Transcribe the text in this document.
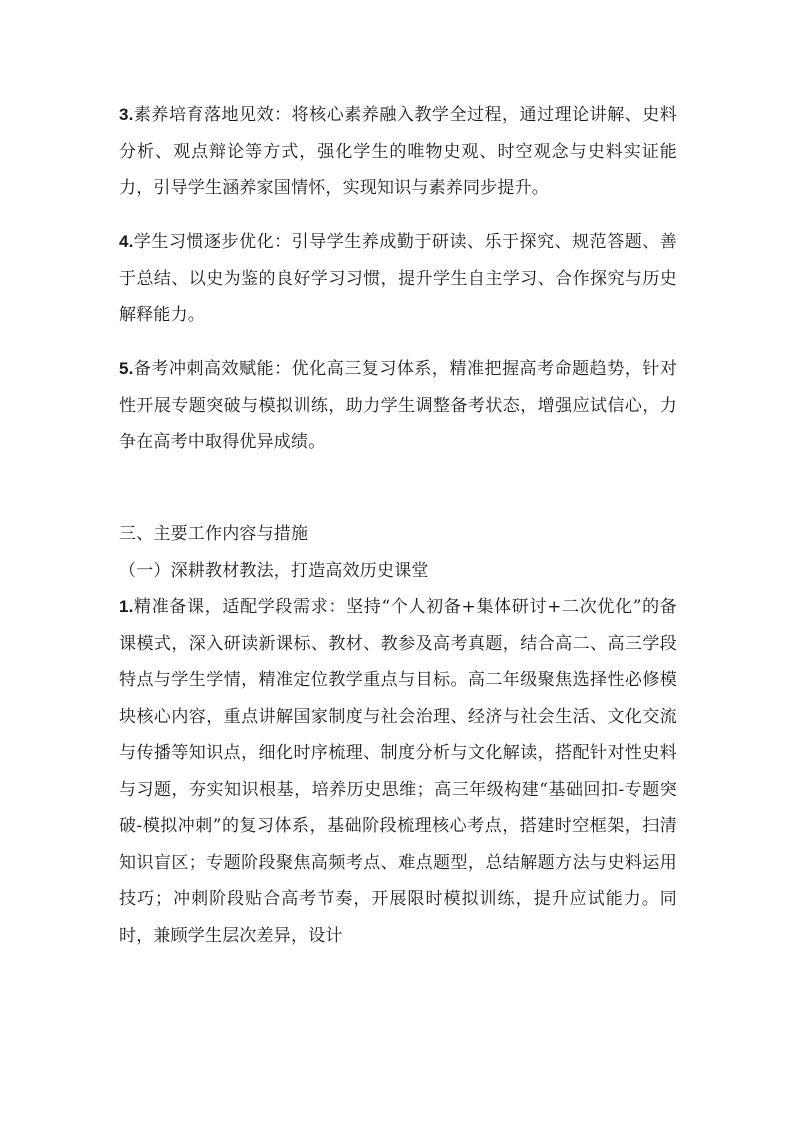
3.素养培育落地见效：将核心素养融入教学全过程，通过理论讲解、史料分析、观点辩论等方式，强化学生的唯物史观、时空观念与史料实证能力，引导学生涵养家国情怀，实现知识与素养同步提升。

4.学生习惯逐步优化：引导学生养成勤于研读、乐于探究、规范答题、善于总结、以史为鉴的良好学习习惯，提升学生自主学习、合作探究与历史解释能力。

5.备考冲刺高效赋能：优化高三复习体系，精准把握高考命题趋势，针对性开展专题突破与模拟训练，助力学生调整备考状态，增强应试信心，力争在高考中取得优异成绩。

三、主要工作内容与措施

（一）深耕教材教法，打造高效历史课堂

1.精准备课，适配学段需求：坚持“个人初备+集体研讨+二次优化”的备课模式，深入研读新课标、教材、教参及高考真题，结合高二、高三学段特点与学生学情，精准定位教学重点与目标。高二年级聚焦选择性必修模块核心内容，重点讲解国家制度与社会治理、经济与社会生活、文化交流与传播等知识点，细化时序梳理、制度分析与文化解读，搭配针对性史料与习题，夯实知识根基，培养历史思维；高三年级构建“基础回扣-专题突破-模拟冲刺”的复习体系，基础阶段梳理核心考点，搭建时空框架，扫清知识盲区；专题阶段聚焦高频考点、难点题型，总结解题方法与史料运用技巧；冲刺阶段贴合高考节奏，开展限时模拟训练，提升应试能力。同时，兼顾学生层次差异，设计
